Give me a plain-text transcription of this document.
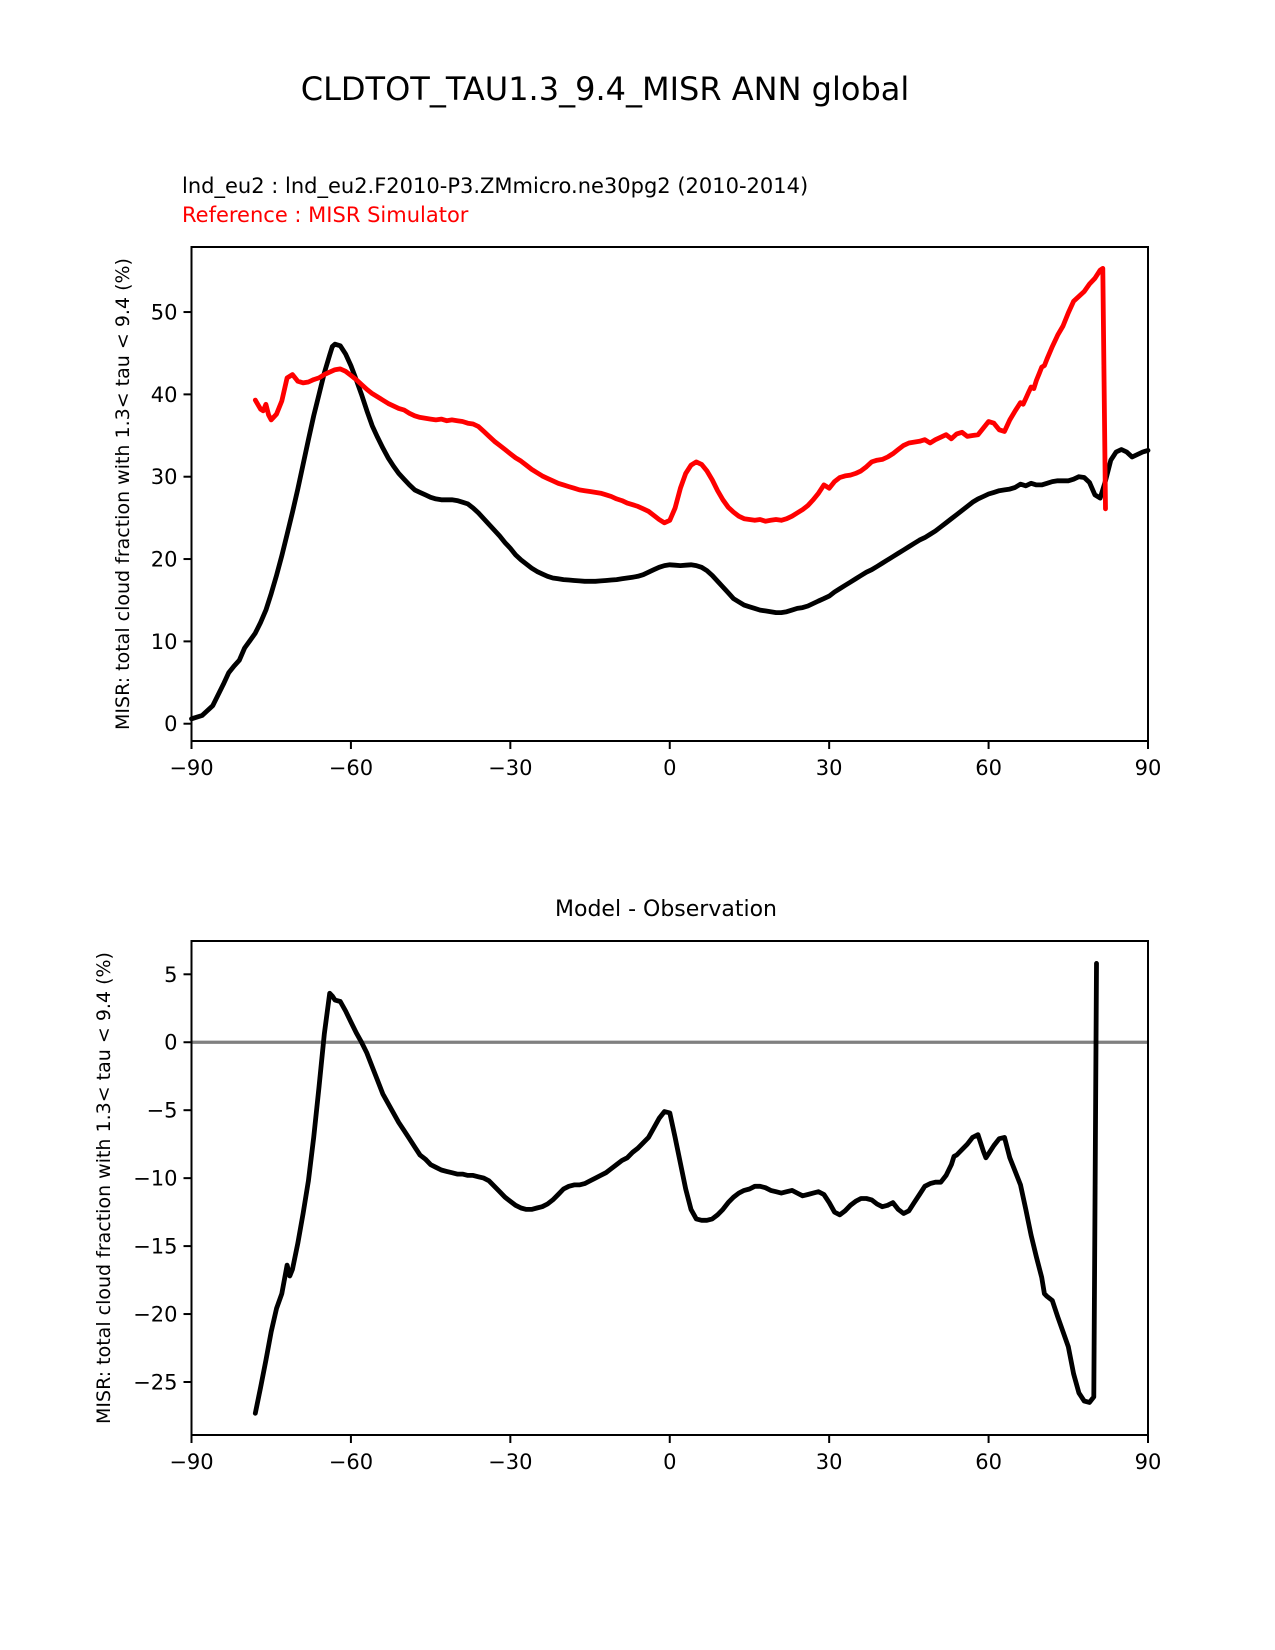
−90	−60	−30	0	30	60	90
0
10
20
30
40
50
−90	−60	−30	0	30	60	90
5
0
−5
−10
−15
−20
−25
CLDTOT_TAU1.3_9.4_MISR ANN global
lnd_eu2 : lnd_eu2.F2010-P3.ZMmicro.ne30pg2 (2010-2014)
Reference : MISR Simulator
Model - Observation
MISR: total cloud fraction with 1.3< tau < 9.4 (%)
MISR: total cloud fraction with 1.3< tau < 9.4 (%)
